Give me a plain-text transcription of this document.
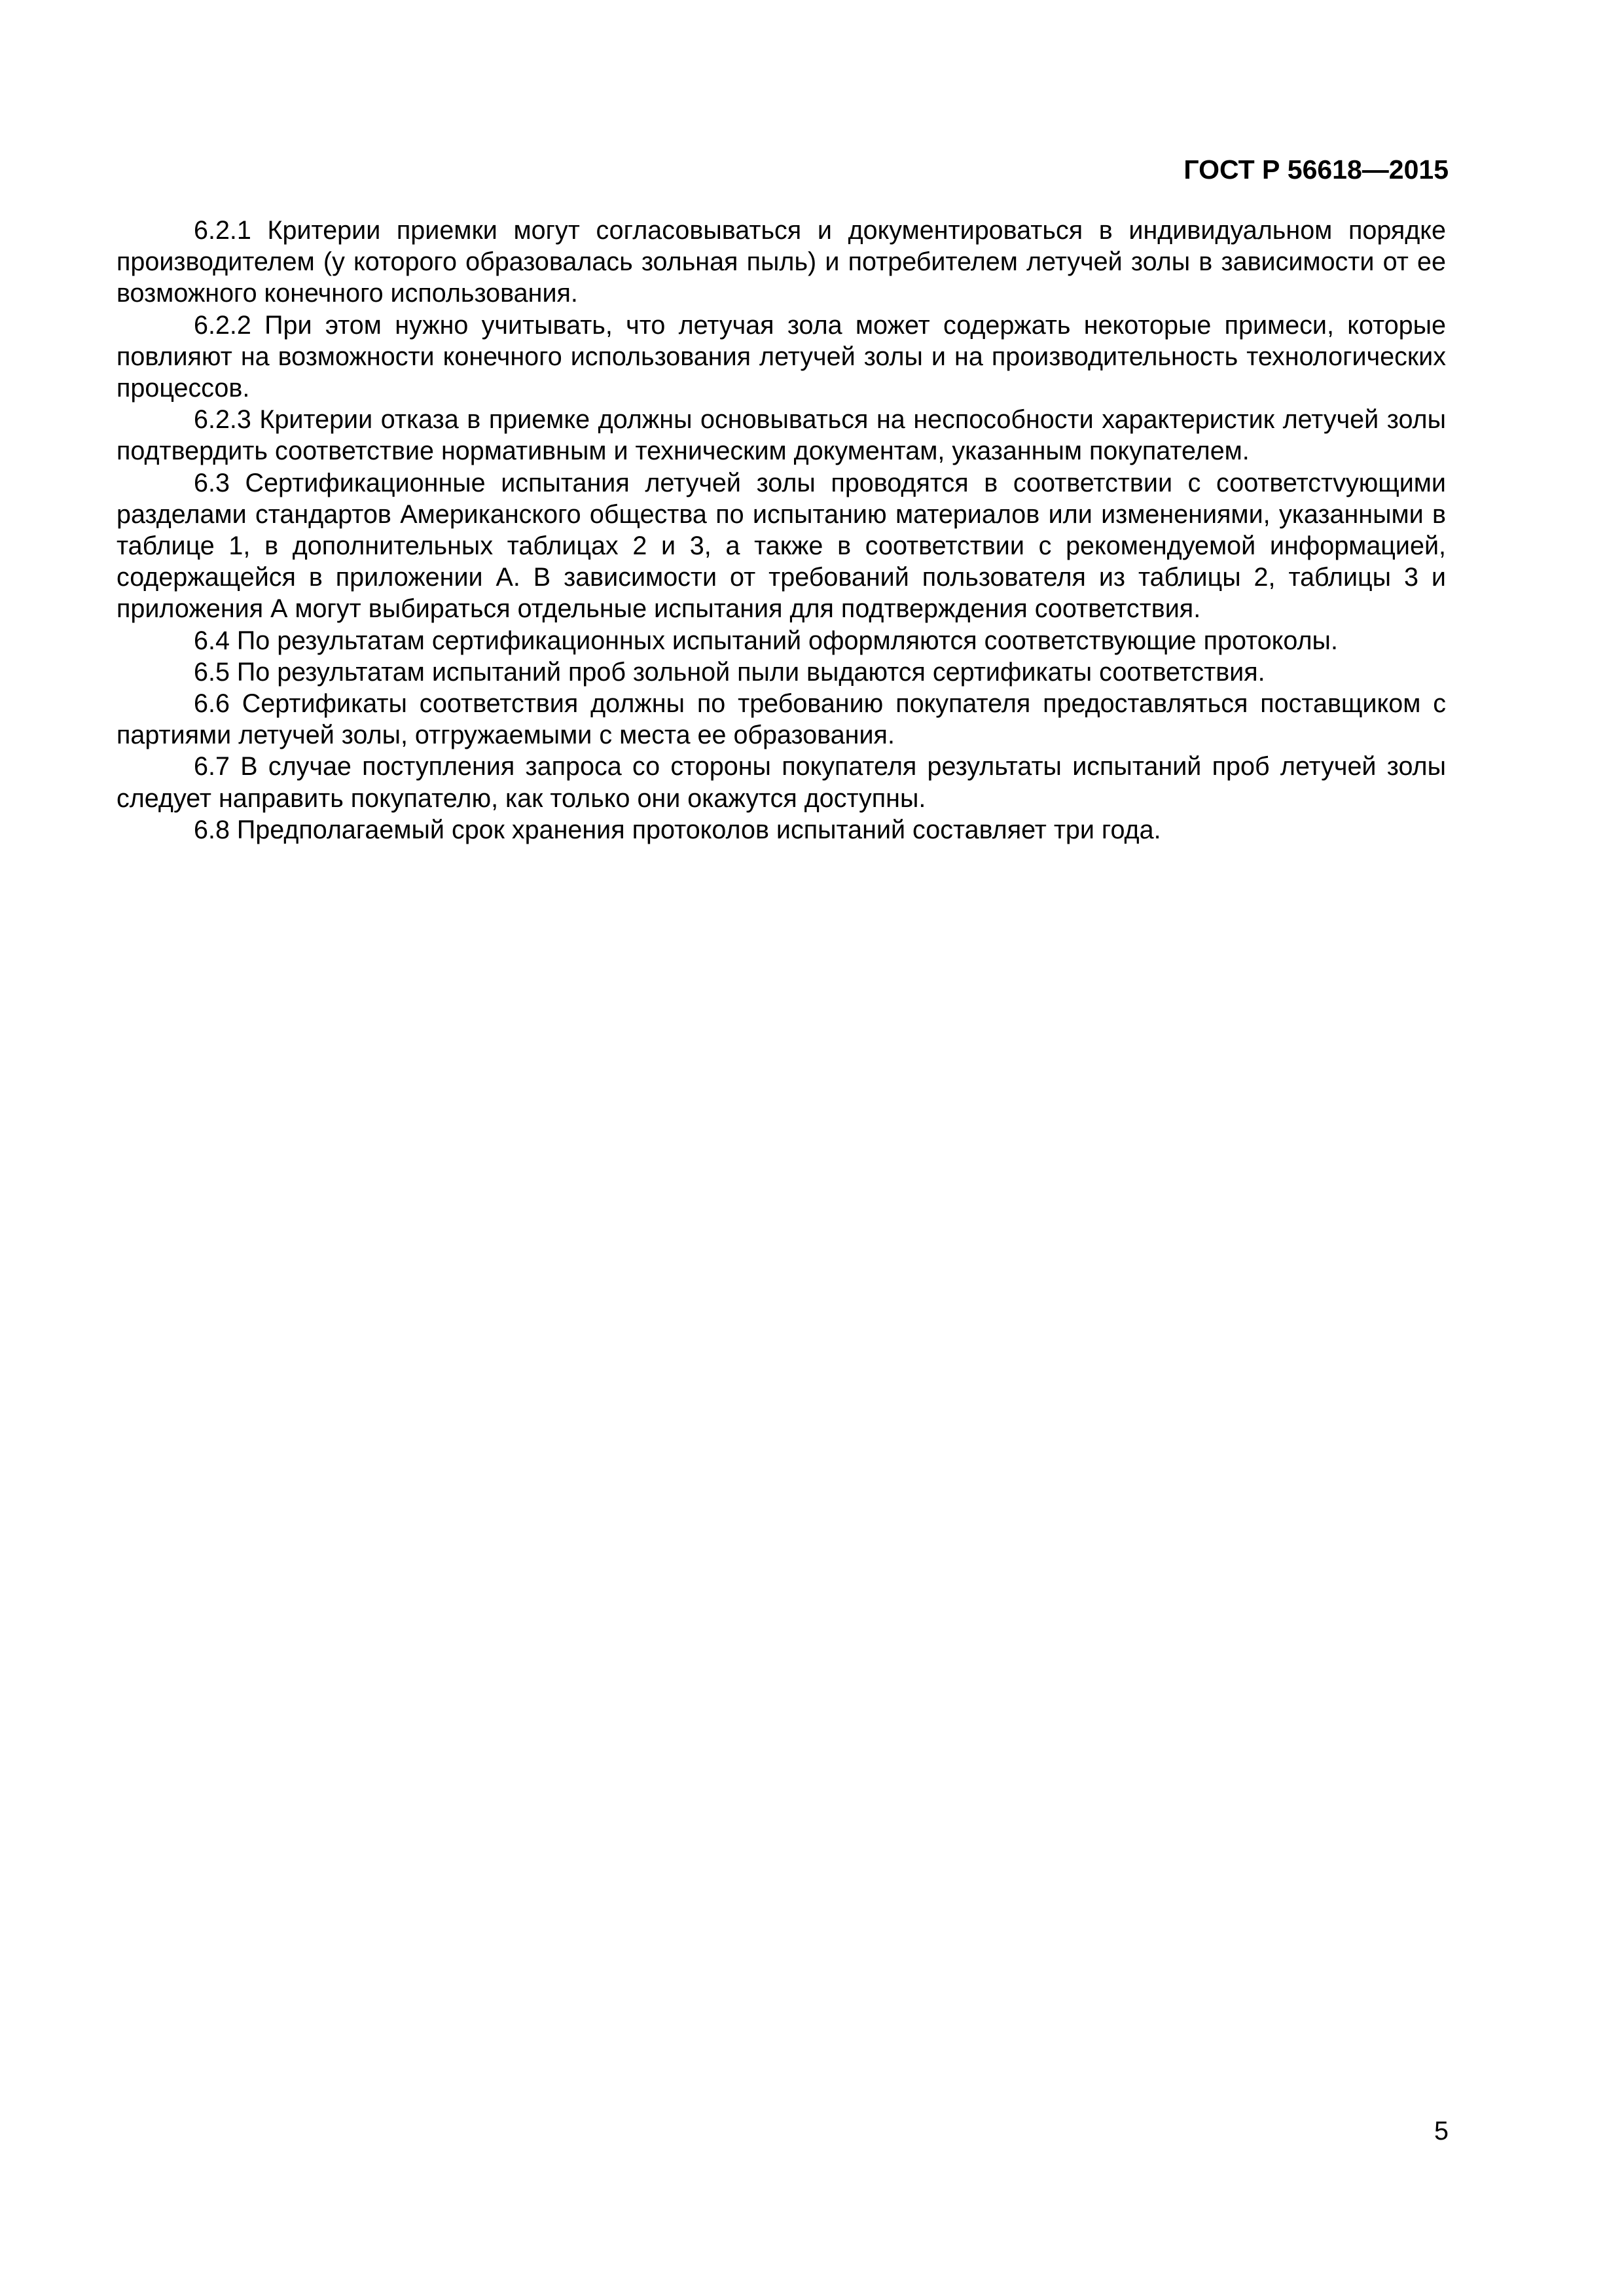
ГОСТ Р 56618—2015

6.2.1 Критерии приемки могут согласовываться и документироваться в индивидуальном порядке производителем (у которого образовалась зольная пыль) и потребителем летучей золы в зависимости от ее возможного конечного использования.

6.2.2 При этом нужно учитывать, что летучая зола может содержать некоторые примеси, которые повлияют на возможности конечного использования летучей золы и на производительность технологических процессов.

6.2.3 Критерии отказа в приемке должны основываться на неспособности характеристик летучей золы подтвердить соответствие нормативным и техническим документам, указанным покупателем.

6.3 Сертификационные испытания летучей золы проводятся в соответствии с соответстvующими разделами стандартов Американского общества по испытанию материалов или изменениями, указанными в таблице 1, в дополнительных таблицах 2 и 3, а также в соответствии с рекомендуемой информацией, содержащейся в приложении А. В зависимости от требований пользователя из таблицы 2, таблицы 3 и приложения А могут выбираться отдельные испытания для подтверждения соответствия.

6.4 По результатам сертификационных испытаний оформляются соответствующие протоколы.

6.5 По результатам испытаний проб зольной пыли выдаются сертификаты соответствия.

6.6 Сертификаты соответствия должны по требованию покупателя предоставляться поставщиком с партиями летучей золы, отгружаемыми с места ее образования.

6.7 В случае поступления запроса со стороны покупателя результаты испытаний проб летучей золы следует направить покупателю, как только они окажутся доступны.

6.8 Предполагаемый срок хранения протоколов испытаний составляет три года.

5
